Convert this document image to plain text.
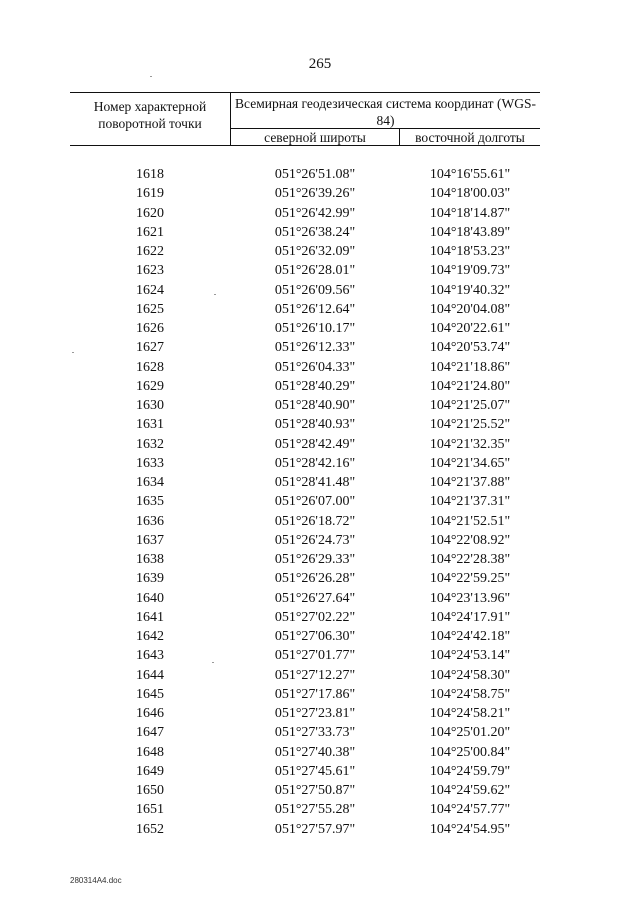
265
Номер характерной поворотной точки
Всемирная геодезическая система координат (WGS-84)
северной широты	восточной долготы
1618	051°26'51.08"	104°16'55.61"
1619	051°26'39.26"	104°18'00.03"
1620	051°26'42.99"	104°18'14.87"
1621	051°26'38.24"	104°18'43.89"
1622	051°26'32.09"	104°18'53.23"
1623	051°26'28.01"	104°19'09.73"
1624	051°26'09.56"	104°19'40.32"
1625	051°26'12.64"	104°20'04.08"
1626	051°26'10.17"	104°20'22.61"
1627	051°26'12.33"	104°20'53.74"
1628	051°26'04.33"	104°21'18.86"
1629	051°28'40.29"	104°21'24.80"
1630	051°28'40.90"	104°21'25.07"
1631	051°28'40.93"	104°21'25.52"
1632	051°28'42.49"	104°21'32.35"
1633	051°28'42.16"	104°21'34.65"
1634	051°28'41.48"	104°21'37.88"
1635	051°26'07.00"	104°21'37.31"
1636	051°26'18.72"	104°21'52.51"
1637	051°26'24.73"	104°22'08.92"
1638	051°26'29.33"	104°22'28.38"
1639	051°26'26.28"	104°22'59.25"
1640	051°26'27.64"	104°23'13.96"
1641	051°27'02.22"	104°24'17.91"
1642	051°27'06.30"	104°24'42.18"
1643	051°27'01.77"	104°24'53.14"
1644	051°27'12.27"	104°24'58.30"
1645	051°27'17.86"	104°24'58.75"
1646	051°27'23.81"	104°24'58.21"
1647	051°27'33.73"	104°25'01.20"
1648	051°27'40.38"	104°25'00.84"
1649	051°27'45.61"	104°24'59.79"
1650	051°27'50.87"	104°24'59.62"
1651	051°27'55.28"	104°24'57.77"
1652	051°27'57.97"	104°24'54.95"
280314A4.doc
